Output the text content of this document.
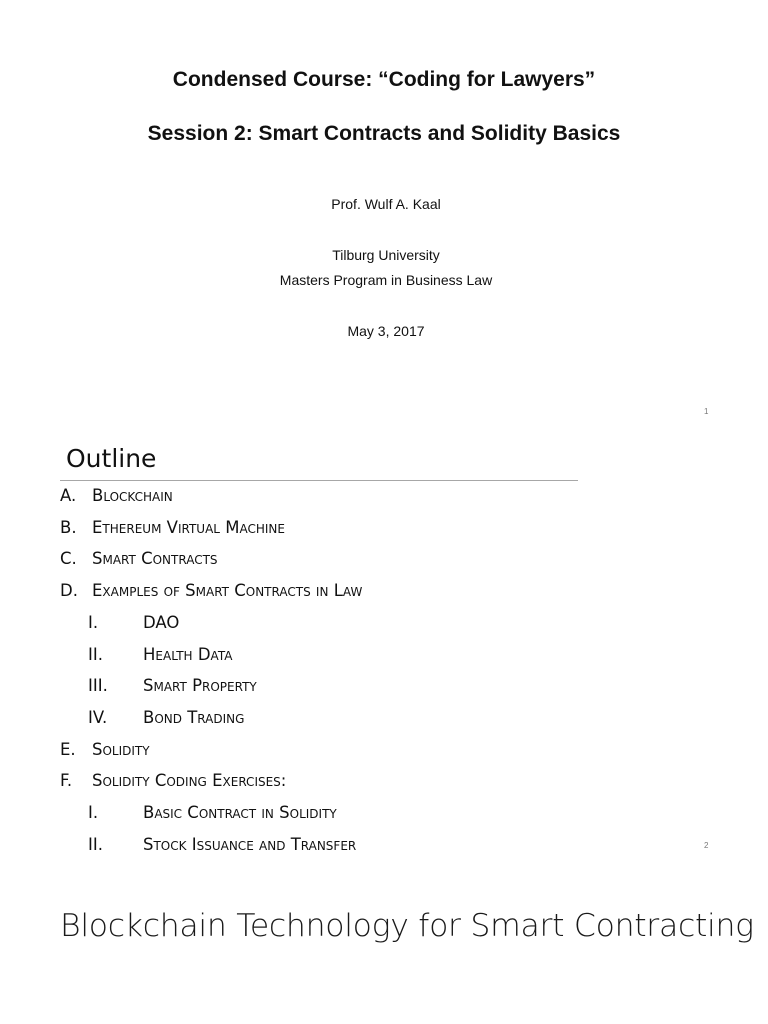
Condensed Course: “Coding for Lawyers”

Session 2: Smart Contracts and Solidity Basics

Prof. Wulf A. Kaal

Tilburg University

Masters Program in Business Law

May 3, 2017

1

Outline

A. Blockchain
B. Ethereum Virtual Machine
C. Smart Contracts
D. Examples of Smart Contracts in Law
I.	DAO
II. Health Data
III. Smart Property
IV. Bond Trading
E. Solidity
F. Solidity Coding Exercises:
I.	Basic Contract in Solidity
II. Stock Issuance and Transfer	2

Blockchain Technology for Smart Contracting
